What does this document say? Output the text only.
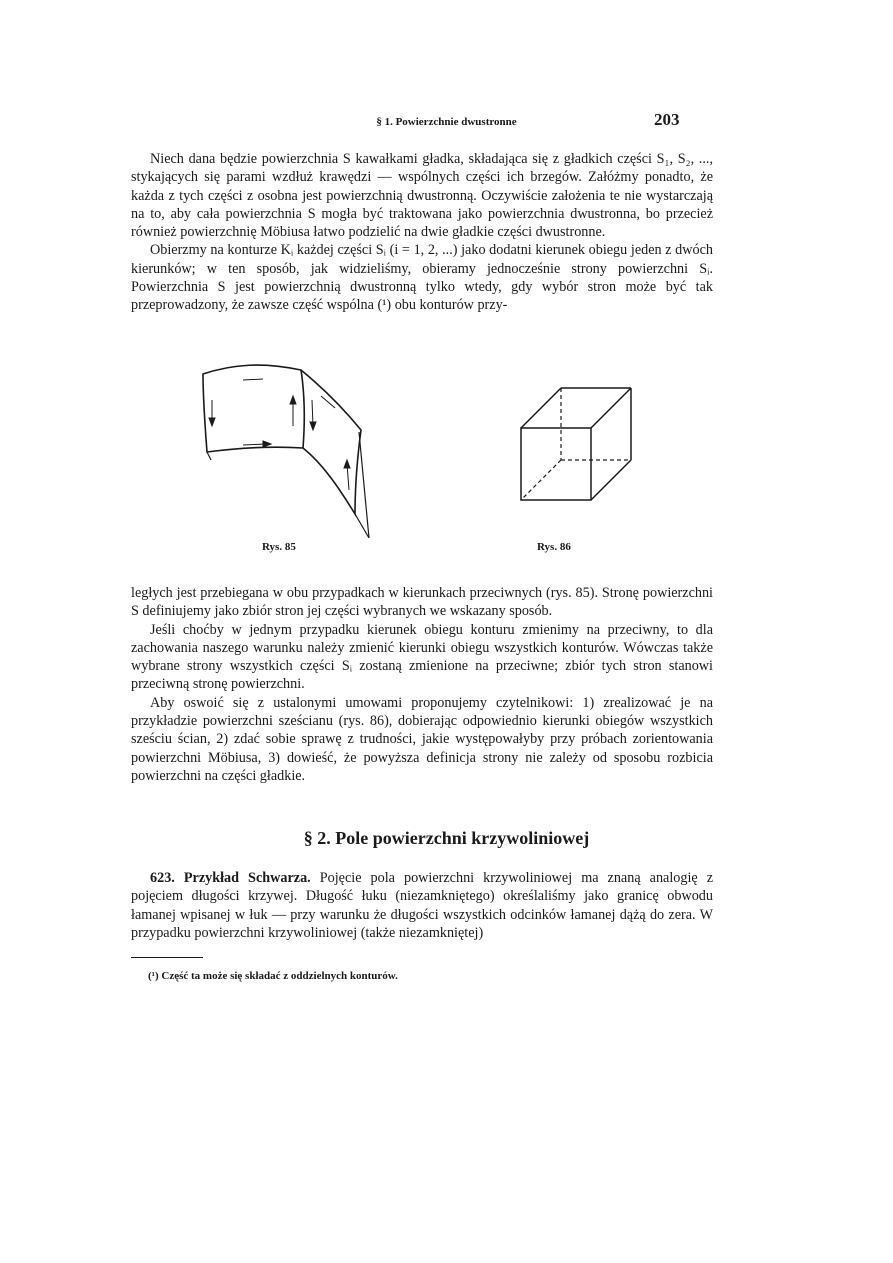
§ 1. Powierzchnie dwustronne	203

Niech dana będzie powierzchnia S kawałkami gładka, składająca się z gładkich części S₁, S₂, ..., stykających się parami wzdłuż krawędzi — wspólnych części ich brzegów. Załóżmy ponadto, że każda z tych części z osobna jest powierzchnią dwustronną. Oczywiście założenia te nie wystarczają na to, aby cała powierzchnia S mogła być traktowana jako powierzchnia dwustronna, bo przecież również powierzchnię Möbiusa łatwo podzielić na dwie gładkie części dwustronne.

Obierzmy na konturze Kᵢ każdej części Sᵢ (i = 1, 2, ...) jako dodatni kierunek obiegu jeden z dwóch kierunków; w ten sposób, jak widzieliśmy, obieramy jednocześnie strony powierzchni Sᵢ. Powierzchnia S jest powierzchnią dwustronną tylko wtedy, gdy wybór stron może być tak przeprowadzony, że zawsze część wspólna (¹) obu konturów przy-

Rys. 85	Rys. 86

ległych jest przebiegana w obu przypadkach w kierunkach przeciwnych (rys. 85). Stronę powierzchni S definiujemy jako zbiór stron jej części wybranych we wskazany sposób.

Jeśli choćby w jednym przypadku kierunek obiegu konturu zmienimy na przeciwny, to dla zachowania naszego warunku należy zmienić kierunki obiegu wszystkich konturów. Wówczas także wybrane strony wszystkich części Sᵢ zostaną zmienione na przeciwne; zbiór tych stron stanowi przeciwną stronę powierzchni.

Aby oswoić się z ustalonymi umowami proponujemy czytelnikowi: 1) zrealizować je na przykładzie powierzchni sześcianu (rys. 86), dobierając odpowiednio kierunki obiegów wszystkich sześciu ścian, 2) zdać sobie sprawę z trudności, jakie występowałyby przy próbach zorientowania powierzchni Möbiusa, 3) dowieść, że powyższa definicja strony nie zależy od sposobu rozbicia powierzchni na części gładkie.

§ 2. Pole powierzchni krzywoliniowej

623. Przykład Schwarza. Pojęcie pola powierzchni krzywoliniowej ma znaną analogię z pojęciem długości krzywej. Długość łuku (niezamkniętego) określaliśmy jako granicę obwodu łamanej wpisanej w łuk — przy warunku że długości wszystkich odcinków łamanej dążą do zera. W przypadku powierzchni krzywoliniowej (także niezamkniętej)

(¹) Część ta może się składać z oddzielnych konturów.
